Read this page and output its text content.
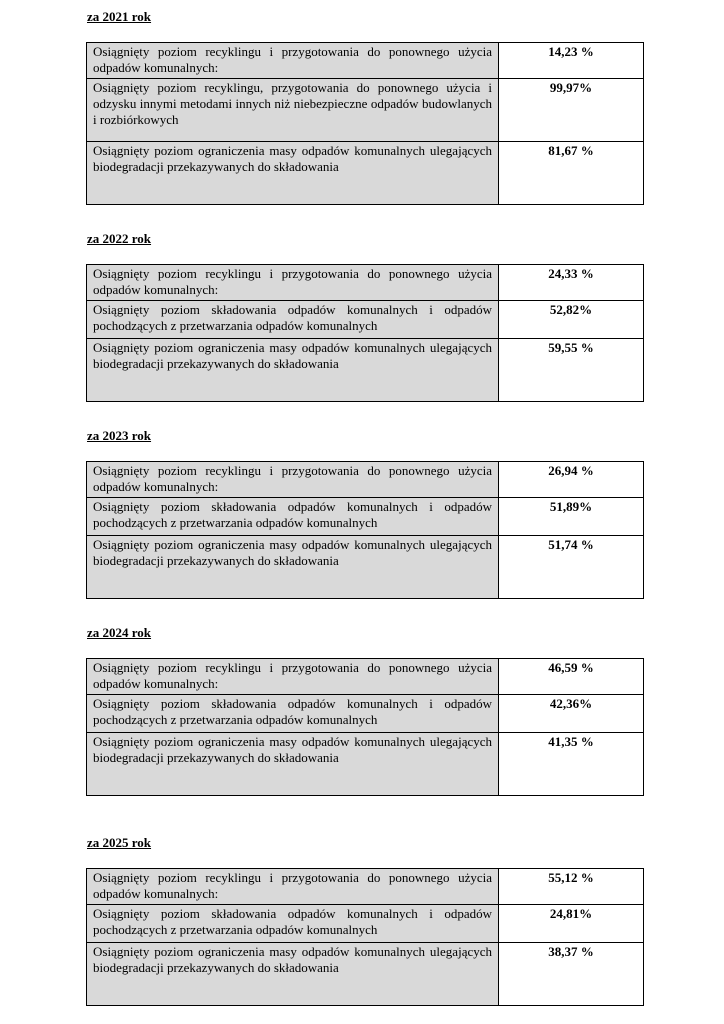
za 2021 rok
Osiągnięty poziom recyklingu i przygotowania do ponownego użycia odpadów komunalnych:	14,23 %
Osiągnięty poziom recyklingu, przygotowania do ponownego użycia i odzysku innymi metodami innych niż niebezpieczne odpadów budowlanych i rozbiórkowych	99,97%
Osiągnięty poziom ograniczenia masy odpadów komunalnych ulegających biodegradacji przekazywanych do składowania	81,67 %
za 2022 rok
Osiągnięty poziom recyklingu i przygotowania do ponownego użycia odpadów komunalnych:	24,33 %
Osiągnięty poziom składowania odpadów komunalnych i odpadów pochodzących z przetwarzania odpadów komunalnych	52,82%
Osiągnięty poziom ograniczenia masy odpadów komunalnych ulegających biodegradacji przekazywanych do składowania	59,55 %
za 2023 rok
Osiągnięty poziom recyklingu i przygotowania do ponownego użycia odpadów komunalnych:	26,94 %
Osiągnięty poziom składowania odpadów komunalnych i odpadów pochodzących z przetwarzania odpadów komunalnych	51,89%
Osiągnięty poziom ograniczenia masy odpadów komunalnych ulegających biodegradacji przekazywanych do składowania	51,74 %
za 2024 rok
Osiągnięty poziom recyklingu i przygotowania do ponownego użycia odpadów komunalnych:	46,59 %
Osiągnięty poziom składowania odpadów komunalnych i odpadów pochodzących z przetwarzania odpadów komunalnych	42,36%
Osiągnięty poziom ograniczenia masy odpadów komunalnych ulegających biodegradacji przekazywanych do składowania	41,35 %
za 2025 rok
Osiągnięty poziom recyklingu i przygotowania do ponownego użycia odpadów komunalnych:	55,12 %
Osiągnięty poziom składowania odpadów komunalnych i odpadów pochodzących z przetwarzania odpadów komunalnych	24,81%
Osiągnięty poziom ograniczenia masy odpadów komunalnych ulegających biodegradacji przekazywanych do składowania	38,37 %
